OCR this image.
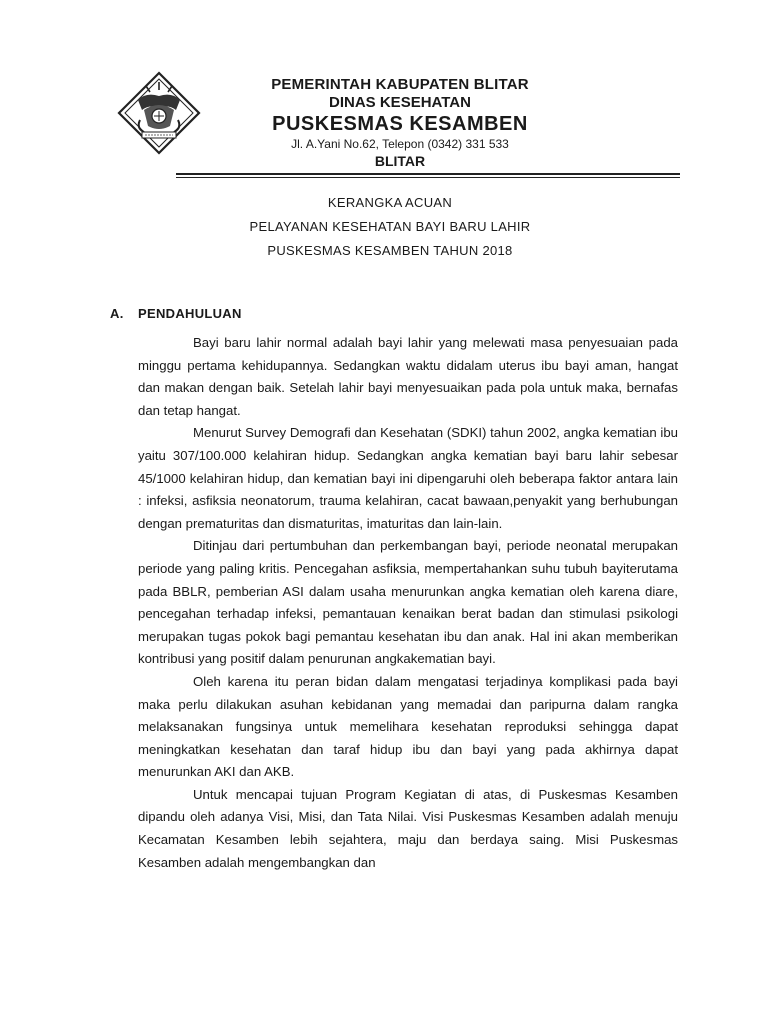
PEMERINTAH KABUPATEN BLITAR
DINAS KESEHATAN
PUSKESMAS KESAMBEN
Jl. A.Yani No.62, Telepon (0342) 331 533
BLITAR
KERANGKA ACUAN
PELAYANAN KESEHATAN BAYI BARU LAHIR
PUSKESMAS KESAMBEN TAHUN 2018
A. PENDAHULUAN

Bayi baru lahir normal adalah bayi lahir yang melewati masa penyesuaian pada minggu pertama kehidupannya. Sedangkan waktu didalam uterus ibu bayi aman, hangat dan makan dengan baik. Setelah lahir bayi menyesuaikan pada pola untuk maka, bernafas dan tetap hangat.

Menurut Survey Demografi dan Kesehatan (SDKI) tahun 2002, angka kematian ibu yaitu 307/100.000 kelahiran hidup. Sedangkan angka kematian bayi baru lahir sebesar 45/1000 kelahiran hidup, dan kematian bayi ini dipengaruhi oleh beberapa faktor antara lain : infeksi, asfiksia neonatorum, trauma kelahiran, cacat bawaan,penyakit yang berhubungan dengan prematuritas dan dismaturitas, imaturitas dan lain-lain.

Ditinjau dari pertumbuhan dan perkembangan bayi, periode neonatal merupakan periode yang paling kritis. Pencegahan asfiksia, mempertahankan suhu tubuh bayiterutama pada BBLR, pemberian ASI dalam usaha menurunkan angka kematian oleh karena diare, pencegahan terhadap infeksi, pemantauan kenaikan berat badan dan stimulasi psikologi merupakan tugas pokok bagi pemantau kesehatan ibu dan anak. Hal ini akan memberikan kontribusi yang positif dalam penurunan angkakematian bayi.

Oleh karena itu peran bidan dalam mengatasi terjadinya komplikasi pada bayi maka perlu dilakukan asuhan kebidanan yang memadai dan paripurna dalam rangka melaksanakan fungsinya untuk memelihara kesehatan reproduksi sehingga dapat meningkatkan kesehatan dan taraf hidup ibu dan bayi yang pada akhirnya dapat menurunkan AKI dan AKB.

Untuk mencapai tujuan Program Kegiatan di atas, di Puskesmas Kesamben dipandu oleh adanya Visi, Misi, dan Tata Nilai. Visi Puskesmas Kesamben adalah menuju Kecamatan Kesamben lebih sejahtera, maju dan berdaya saing. Misi Puskesmas Kesamben adalah mengembangkan dan
